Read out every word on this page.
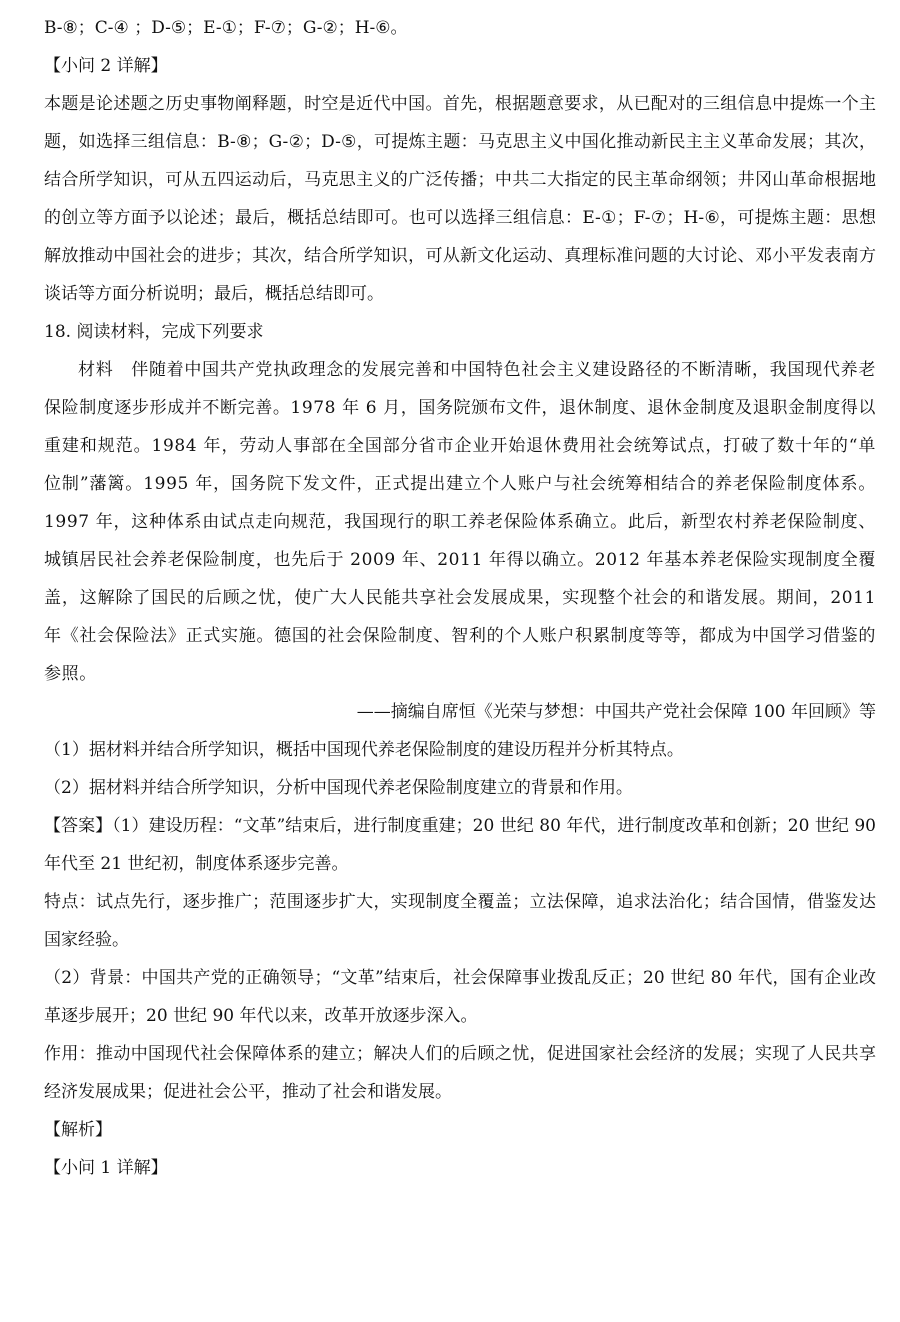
B-⑧；C-④ ；D-⑤；E-①；F-⑦；G-②；H-⑥。

【小问 2 详解】

本题是论述题之历史事物阐释题，时空是近代中国。首先，根据题意要求，从已配对的三组信息中提炼一个主题，如选择三组信息：B-⑧；G-②；D-⑤，可提炼主题：马克思主义中国化推动新民主主义革命发展；其次，结合所学知识，可从五四运动后，马克思主义的广泛传播；中共二大指定的民主革命纲领；井冈山革命根据地的创立等方面予以论述；最后，概括总结即可。也可以选择三组信息：E-①；F-⑦；H-⑥，可提炼主题：思想解放推动中国社会的进步；其次，结合所学知识，可从新文化运动、真理标准问题的大讨论、邓小平发表南方谈话等方面分析说明；最后，概括总结即可。

18. 阅读材料，完成下列要求

材料　伴随着中国共产党执政理念的发展完善和中国特色社会主义建设路径的不断清晰，我国现代养老保险制度逐步形成并不断完善。1978 年 6 月，国务院颁布文件，退休制度、退休金制度及退职金制度得以重建和规范。1984 年，劳动人事部在全国部分省市企业开始退休费用社会统筹试点，打破了数十年的“单位制”藩篱。1995 年，国务院下发文件，正式提出建立个人账户与社会统筹相结合的养老保险制度体系。1997 年，这种体系由试点走向规范，我国现行的职工养老保险体系确立。此后，新型农村养老保险制度、城镇居民社会养老保险制度，也先后于 2009 年、2011 年得以确立。2012 年基本养老保险实现制度全覆盖，这解除了国民的后顾之忧，使广大人民能共享社会发展成果，实现整个社会的和谐发展。期间，2011 年《社会保险法》正式实施。德国的社会保险制度、智利的个人账户积累制度等等，都成为中国学习借鉴的参照。

——摘编自席恒《光荣与梦想：中国共产党社会保障 100 年回顾》等

（1）据材料并结合所学知识，概括中国现代养老保险制度的建设历程并分析其特点。

（2）据材料并结合所学知识，分析中国现代养老保险制度建立的背景和作用。

【答案】（1）建设历程：“文革”结束后，进行制度重建；20 世纪 80 年代，进行制度改革和创新；20 世纪 90 年代至 21 世纪初，制度体系逐步完善。

特点：试点先行，逐步推广；范围逐步扩大，实现制度全覆盖；立法保障，追求法治化；结合国情，借鉴发达国家经验。

（2）背景：中国共产党的正确领导；“文革”结束后，社会保障事业拨乱反正；20 世纪 80 年代，国有企业改革逐步展开；20 世纪 90 年代以来，改革开放逐步深入。

作用：推动中国现代社会保障体系的建立；解决人们的后顾之忧，促进国家社会经济的发展；实现了人民共享经济发展成果；促进社会公平，推动了社会和谐发展。

【解析】

【小问 1 详解】
